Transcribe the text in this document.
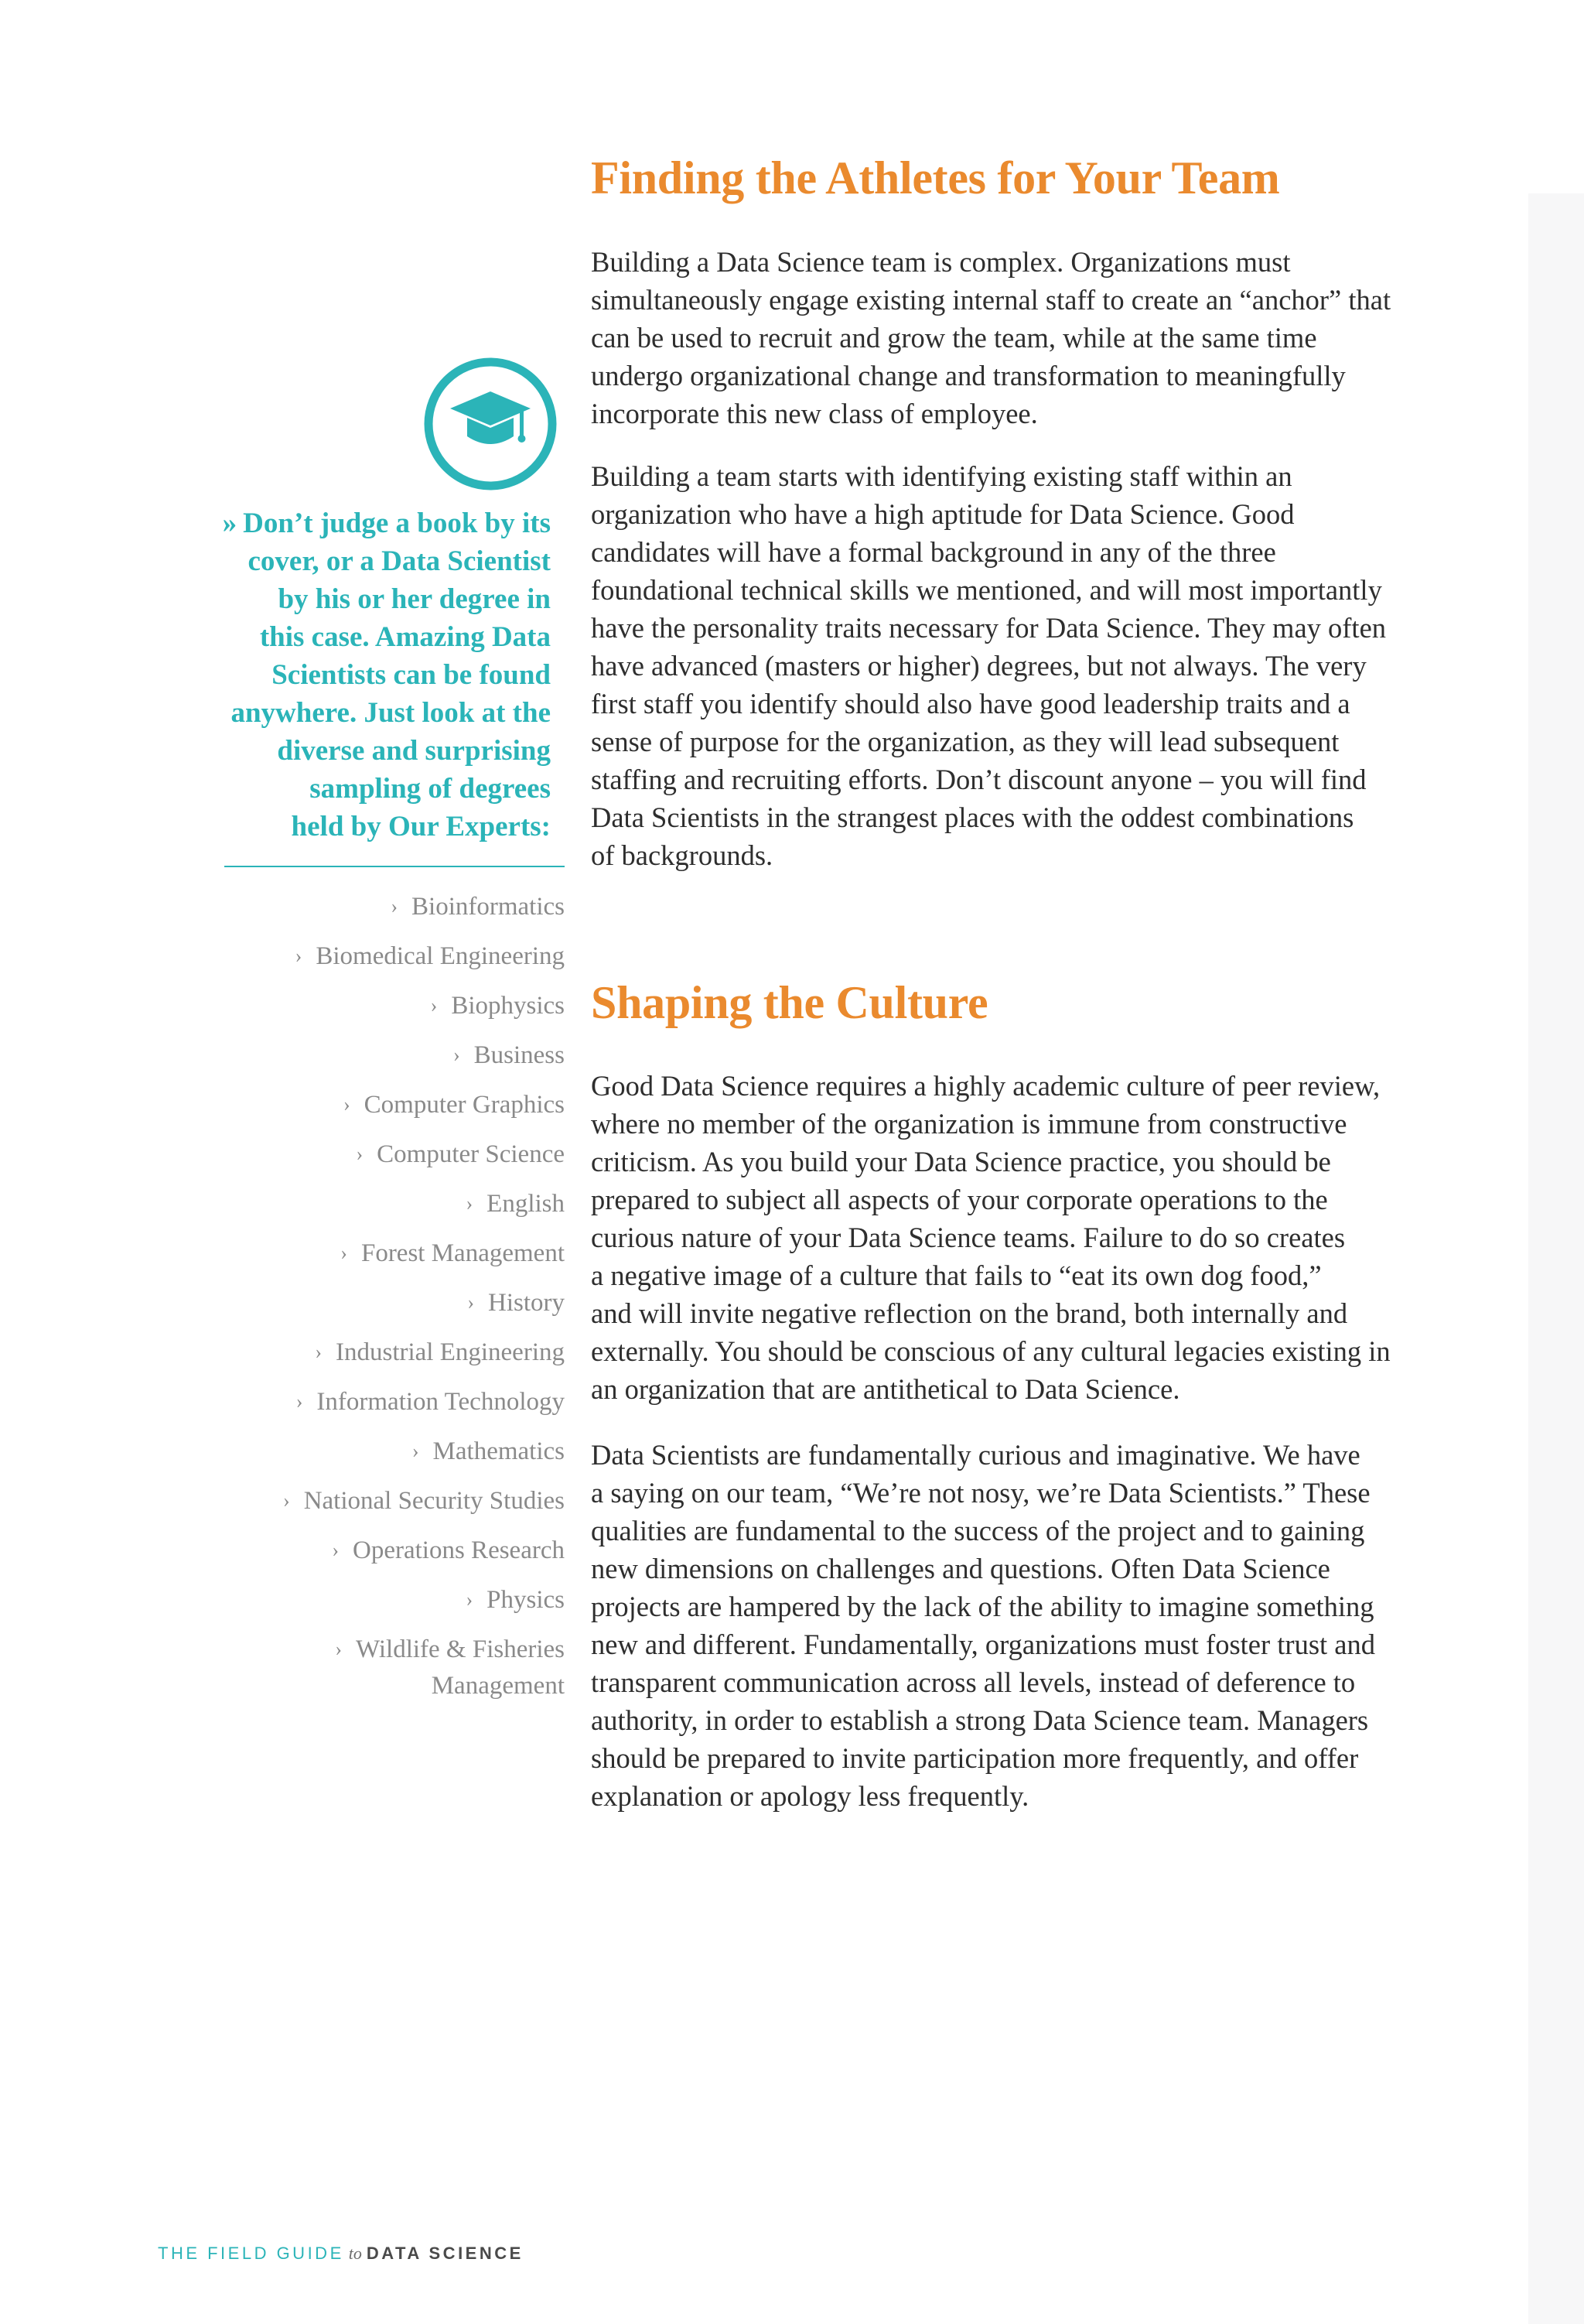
» Don’t judge a book by its
cover, or a Data Scientist
by his or her degree in
this case. Amazing Data
Scientists can be found
anywhere. Just look at the
diverse and surprising
sampling of degrees
held by Our Experts:
› Bioinformatics
› Biomedical Engineering
› Biophysics
› Business
› Computer Graphics
› Computer Science
› English
› Forest Management
› History
› Industrial Engineering
› Information Technology
› Mathematics
› National Security Studies
› Operations Research
› Physics
› Wildlife & Fisheries
Management
Finding the Athletes for Your Team
Building a Data Science team is complex. Organizations must
simultaneously engage existing internal staff to create an “anchor” that
can be used to recruit and grow the team, while at the same time
undergo organizational change and transformation to meaningfully
incorporate this new class of employee.
Building a team starts with identifying existing staff within an
organization who have a high aptitude for Data Science. Good
candidates will have a formal background in any of the three
foundational technical skills we mentioned, and will most importantly
have the personality traits necessary for Data Science. They may often
have advanced (masters or higher) degrees, but not always. The very
first staff you identify should also have good leadership traits and a
sense of purpose for the organization, as they will lead subsequent
staffing and recruiting efforts. Don’t discount anyone – you will find
Data Scientists in the strangest places with the oddest combinations
of backgrounds.
Shaping the Culture
Good Data Science requires a highly academic culture of peer review,
where no member of the organization is immune from constructive
criticism. As you build your Data Science practice, you should be
prepared to subject all aspects of your corporate operations to the
curious nature of your Data Science teams. Failure to do so creates
a negative image of a culture that fails to “eat its own dog food,”
and will invite negative reflection on the brand, both internally and
externally. You should be conscious of any cultural legacies existing in
an organization that are antithetical to Data Science.
Data Scientists are fundamentally curious and imaginative. We have
a saying on our team, “We’re not nosy, we’re Data Scientists.” These
qualities are fundamental to the success of the project and to gaining
new dimensions on challenges and questions. Often Data Science
projects are hampered by the lack of the ability to imagine something
new and different. Fundamentally, organizations must foster trust and
transparent communication across all levels, instead of deference to
authority, in order to establish a strong Data Science team. Managers
should be prepared to invite participation more frequently, and offer
explanation or apology less frequently.
THE FIELD GUIDE to DATA SCIENCE
